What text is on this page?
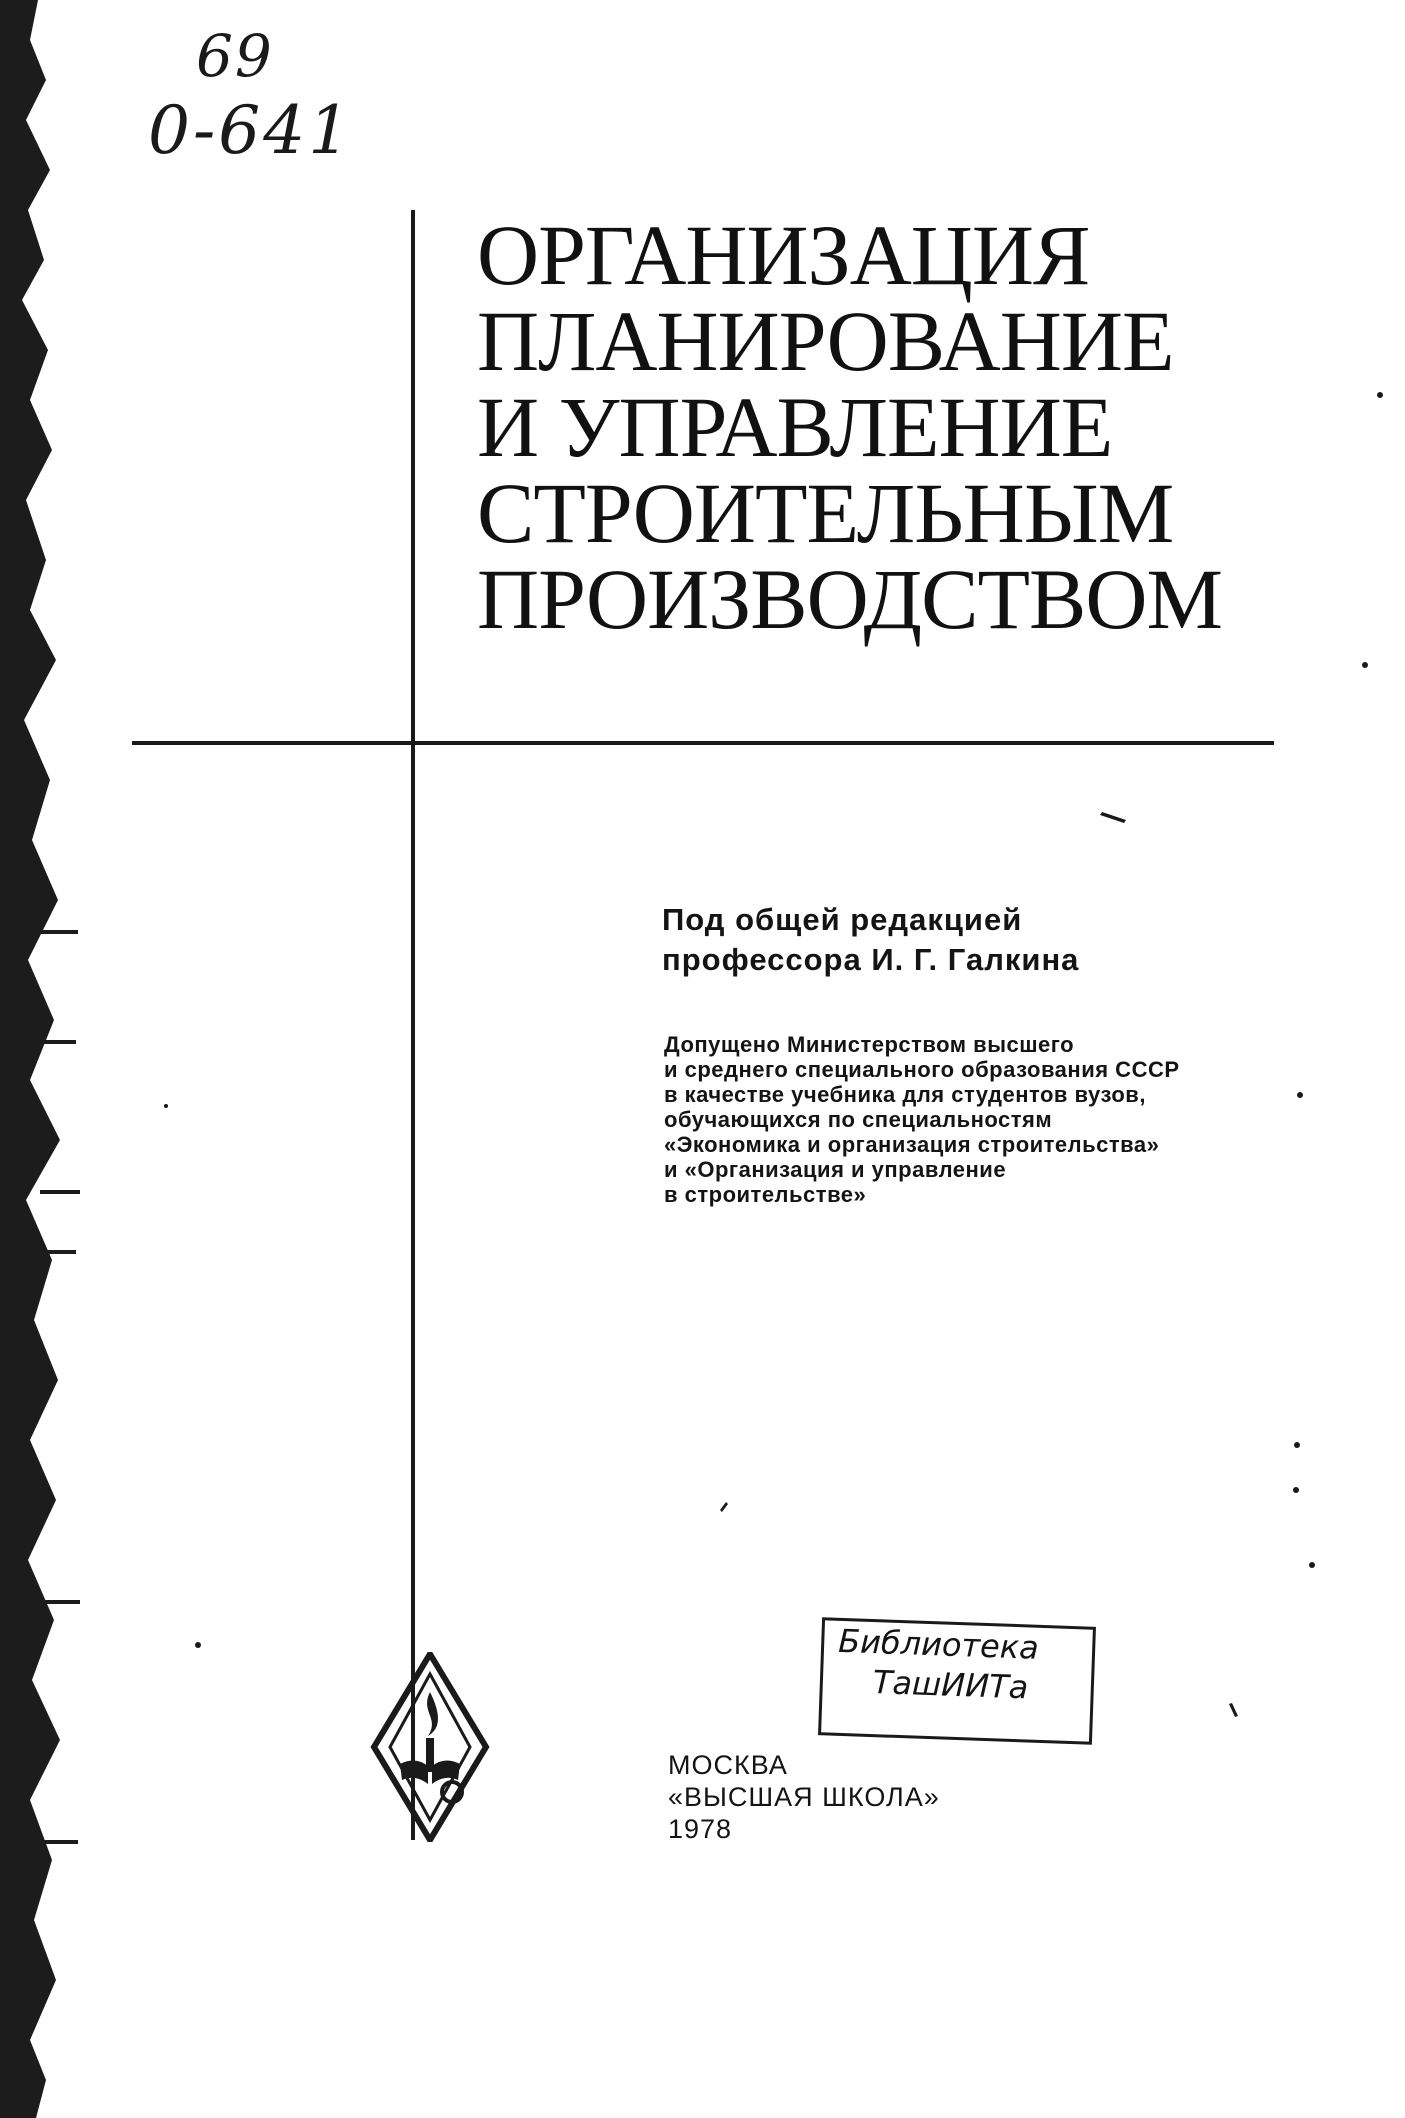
69
0-641
ОРГАНИЗАЦИЯ
ПЛАНИРОВАНИЕ
И УПРАВЛЕНИЕ
СТРОИТЕЛЬНЫМ
ПРОИЗВОДСТВОМ
Под общей редакцией
профессора И. Г. Галкина
Допущено Министерством высшего
и среднего специального образования СССР
в качестве учебника для студентов вузов,
обучающихся по специальностям
«Экономика и организация строительства»
и «Организация и управление
в строительстве»
Библиотека
ТашИИТа
МОСКВА
«ВЫСШАЯ ШКОЛА»
1978
